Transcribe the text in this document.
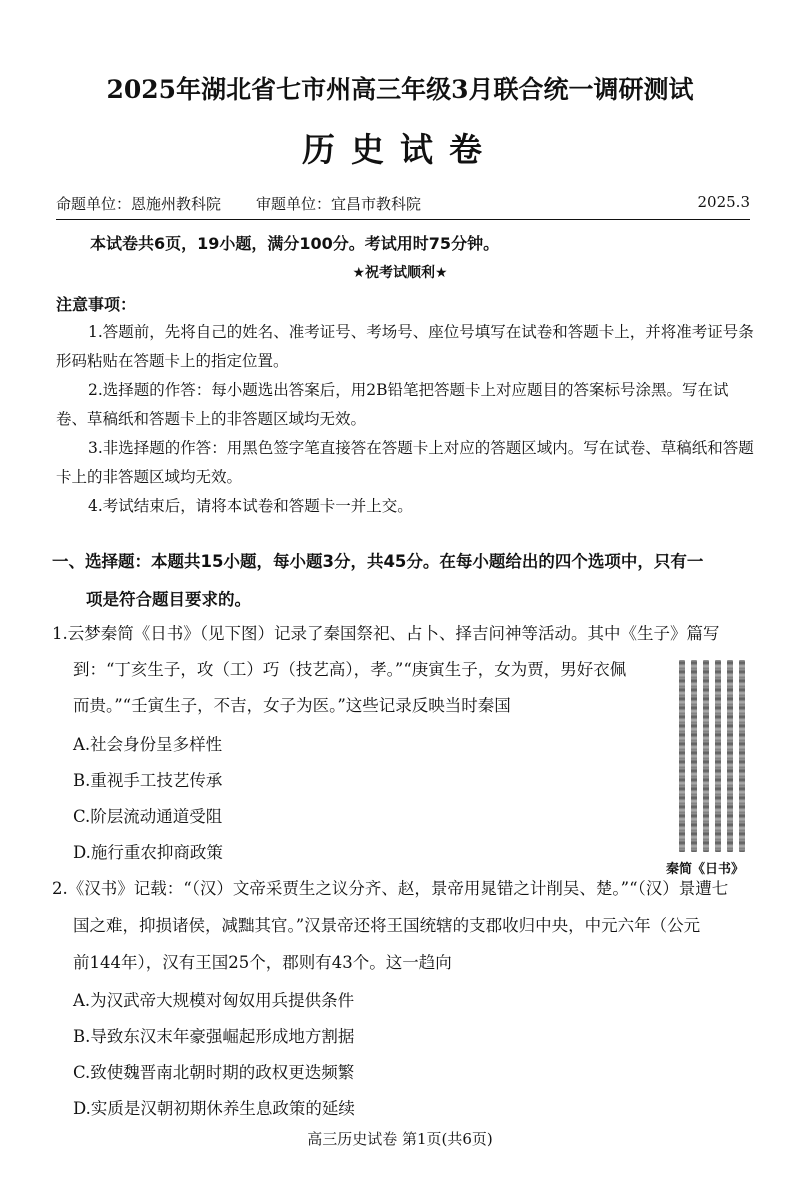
2025年湖北省七市州高三年级3月联合统一调研测试
历史试卷
命题单位：恩施州教科院 审题单位：宜昌市教科院	2025.3
本试卷共6页，19小题，满分100分。考试用时75分钟。
★祝考试顺利★
注意事项：
1.答题前，先将自己的姓名、准考证号、考场号、座位号填写在试卷和答题卡上，并将准考证号条形码粘贴在答题卡上的指定位置。
2.选择题的作答：每小题选出答案后，用2B铅笔把答题卡上对应题目的答案标号涂黑。写在试卷、草稿纸和答题卡上的非答题区域均无效。
3.非选择题的作答：用黑色签字笔直接答在答题卡上对应的答题区域内。写在试卷、草稿纸和答题卡上的非答题区域均无效。
4.考试结束后，请将本试卷和答题卡一并上交。
一、选择题：本题共15小题，每小题3分，共45分。在每小题给出的四个选项中，只有一
项是符合题目要求的。
1.云梦秦简《日书》（见下图）记录了秦国祭祀、占卜、择吉问神等活动。其中《生子》篇写
到：“丁亥生子，攻（工）巧（技艺高），孝。”“庚寅生子，女为贾，男好衣佩
而贵。”“壬寅生子，不吉，女子为医。”这些记录反映当时秦国
A.社会身份呈多样性
B.重视手工技艺传承
C.阶层流动通道受阻
D.施行重农抑商政策
秦简《日书》
2.《汉书》记载：“（汉）文帝采贾生之议分齐、赵，景帝用晁错之计削吴、楚。”“（汉）景遭七
国之难，抑损诸侯，减黜其官。”汉景帝还将王国统辖的支郡收归中央，中元六年（公元
前144年），汉有王国25个，郡则有43个。这一趋向
A.为汉武帝大规模对匈奴用兵提供条件
B.导致东汉末年豪强崛起形成地方割据
C.致使魏晋南北朝时期的政权更迭频繁
D.实质是汉朝初期休养生息政策的延续
高三历史试卷 第1页(共6页)
